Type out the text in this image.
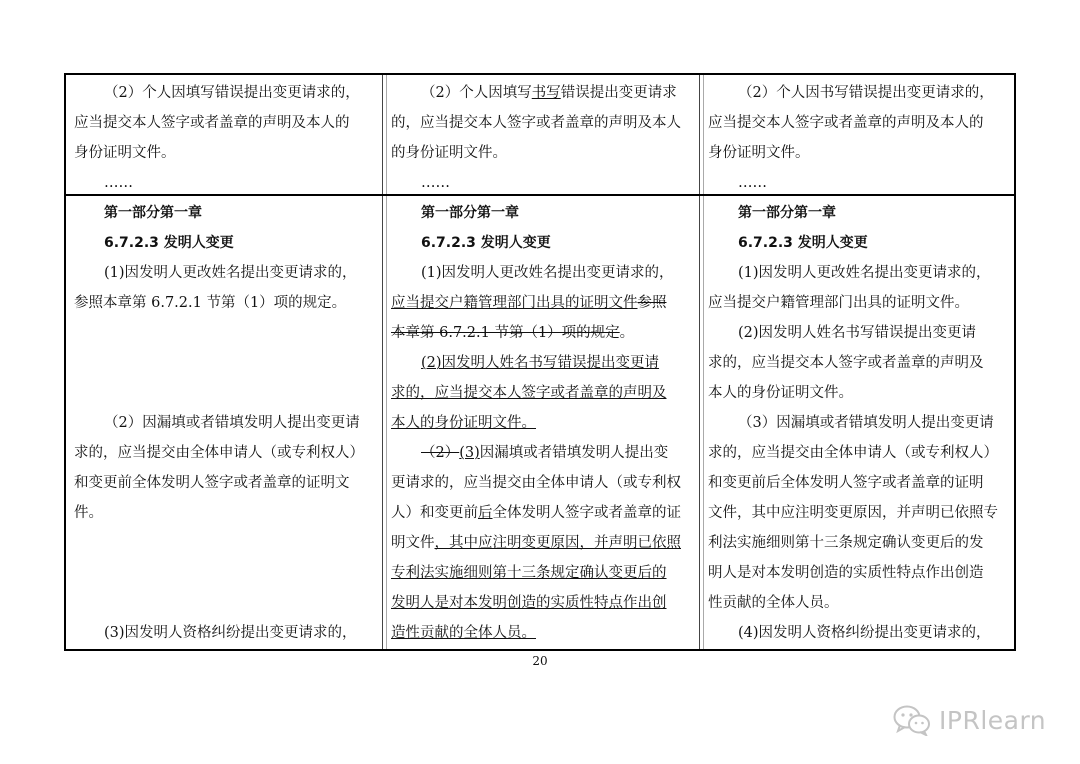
（2）个人因填写错误提出变更请求的，
应当提交本人签字或者盖章的声明及本人的
身份证明文件。
……
第一部分第一章
6.7.2.3 发明人变更
(1)因发明人更改姓名提出变更请求的，
参照本章第 6.7.2.1 节第（1）项的规定。
（2）因漏填或者错填发明人提出变更请
求的，应当提交由全体申请人（或专利权人）
和变更前全体发明人签字或者盖章的证明文
件。
(3)因发明人资格纠纷提出变更请求的，
（2）个人因填写书写错误提出变更请求
的，应当提交本人签字或者盖章的声明及本人
的身份证明文件。
……
第一部分第一章
6.7.2.3 发明人变更
(1)因发明人更改姓名提出变更请求的，
应当提交户籍管理部门出具的证明文件参照
本章第 6.7.2.1 节第（1）项的规定。
(2)因发明人姓名书写错误提出变更请
求的，应当提交本人签字或者盖章的声明及
本人的身份证明文件。
（2）(3)因漏填或者错填发明人提出变
更请求的，应当提交由全体申请人（或专利权
人）和变更前后全体发明人签字或者盖章的证
明文件，其中应注明变更原因，并声明已依照
专利法实施细则第十三条规定确认变更后的
发明人是对本发明创造的实质性特点作出创
造性贡献的全体人员。
（2）个人因书写错误提出变更请求的，
应当提交本人签字或者盖章的声明及本人的
身份证明文件。
……
第一部分第一章
6.7.2.3 发明人变更
(1)因发明人更改姓名提出变更请求的，
应当提交户籍管理部门出具的证明文件。
(2)因发明人姓名书写错误提出变更请
求的，应当提交本人签字或者盖章的声明及
本人的身份证明文件。
（3）因漏填或者错填发明人提出变更请
求的，应当提交由全体申请人（或专利权人）
和变更前后全体发明人签字或者盖章的证明
文件，其中应注明变更原因，并声明已依照专
利法实施细则第十三条规定确认变更后的发
明人是对本发明创造的实质性特点作出创造
性贡献的全体人员。
(4)因发明人资格纠纷提出变更请求的，
20
IPRlearn
